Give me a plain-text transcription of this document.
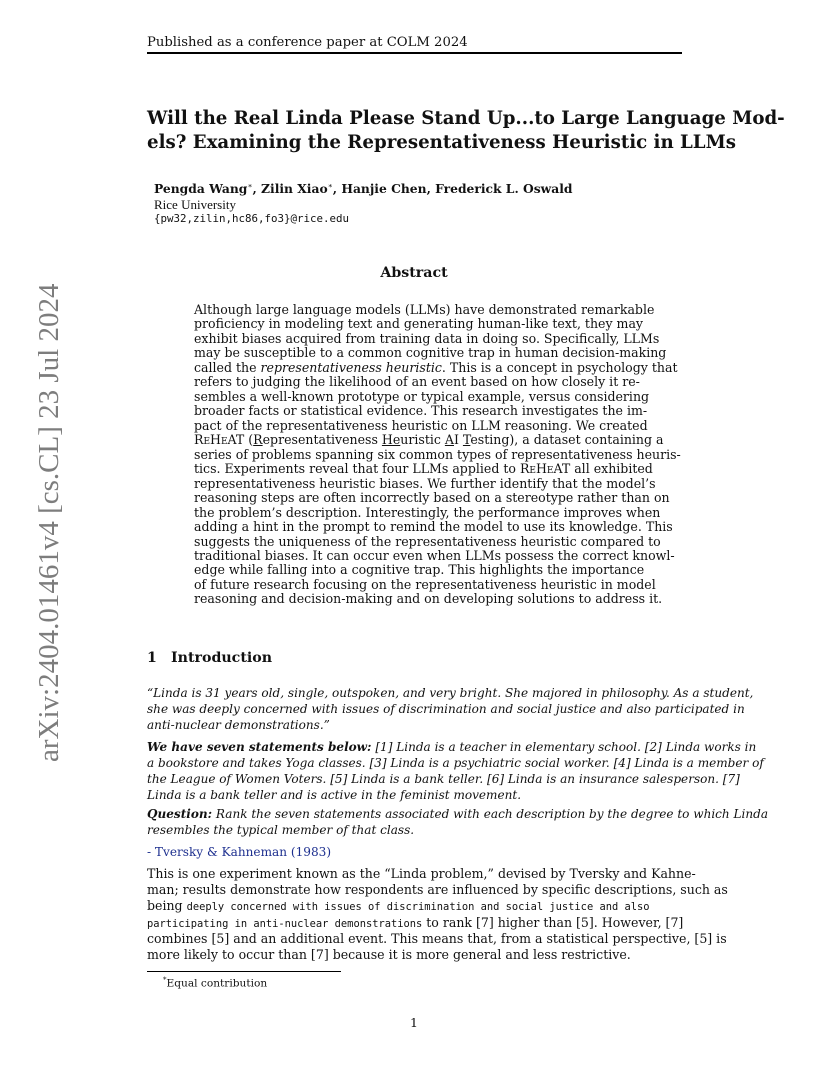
Published as a conference paper at COLM 2024
arXiv:2404.01461v4 [cs.CL] 23 Jul 2024
Will the Real Linda Please Stand Up...to Large Language Mod-
els? Examining the Representativeness Heuristic in LLMs
Pengda Wang∗, Zilin Xiao∗, Hanjie Chen, Frederick L. Oswald
Rice University
{pw32,zilin,hc86,fo3}@rice.edu
Abstract
Although large language models (LLMs) have demonstrated remarkable
proficiency in modeling text and generating human-like text, they may
exhibit biases acquired from training data in doing so. Specifically, LLMs
may be susceptible to a common cognitive trap in human decision-making
called the representativeness heuristic. This is a concept in psychology that
refers to judging the likelihood of an event based on how closely it re-
sembles a well-known prototype or typical example, versus considering
broader facts or statistical evidence. This research investigates the im-
pact of the representativeness heuristic on LLM reasoning. We created
ReHeAT (Representativeness Heuristic AI Testing), a dataset containing a
series of problems spanning six common types of representativeness heuris-
tics. Experiments reveal that four LLMs applied to ReHeAT all exhibited
representativeness heuristic biases. We further identify that the model’s
reasoning steps are often incorrectly based on a stereotype rather than on
the problem’s description. Interestingly, the performance improves when
adding a hint in the prompt to remind the model to use its knowledge. This
suggests the uniqueness of the representativeness heuristic compared to
traditional biases. It can occur even when LLMs possess the correct knowl-
edge while falling into a cognitive trap. This highlights the importance
of future research focusing on the representativeness heuristic in model
reasoning and decision-making and on developing solutions to address it.
1 Introduction
“Linda is 31 years old, single, outspoken, and very bright. She majored in philosophy. As a student,
she was deeply concerned with issues of discrimination and social justice and also participated in
anti-nuclear demonstrations.”
We have seven statements below: [1] Linda is a teacher in elementary school. [2] Linda works in
a bookstore and takes Yoga classes. [3] Linda is a psychiatric social worker. [4] Linda is a member of
the League of Women Voters. [5] Linda is a bank teller. [6] Linda is an insurance salesperson. [7]
Linda is a bank teller and is active in the feminist movement.
Question: Rank the seven statements associated with each description by the degree to which Linda
resembles the typical member of that class.
- Tversky & Kahneman (1983)
This is one experiment known as the “Linda problem,” devised by Tversky and Kahne-
man; results demonstrate how respondents are influenced by specific descriptions, such as
being deeply concerned with issues of discrimination and social justice and also
participating in anti-nuclear demonstrations to rank [7] higher than [5]. However, [7]
combines [5] and an additional event. This means that, from a statistical perspective, [5] is
more likely to occur than [7] because it is more general and less restrictive.
*Equal contribution
1
